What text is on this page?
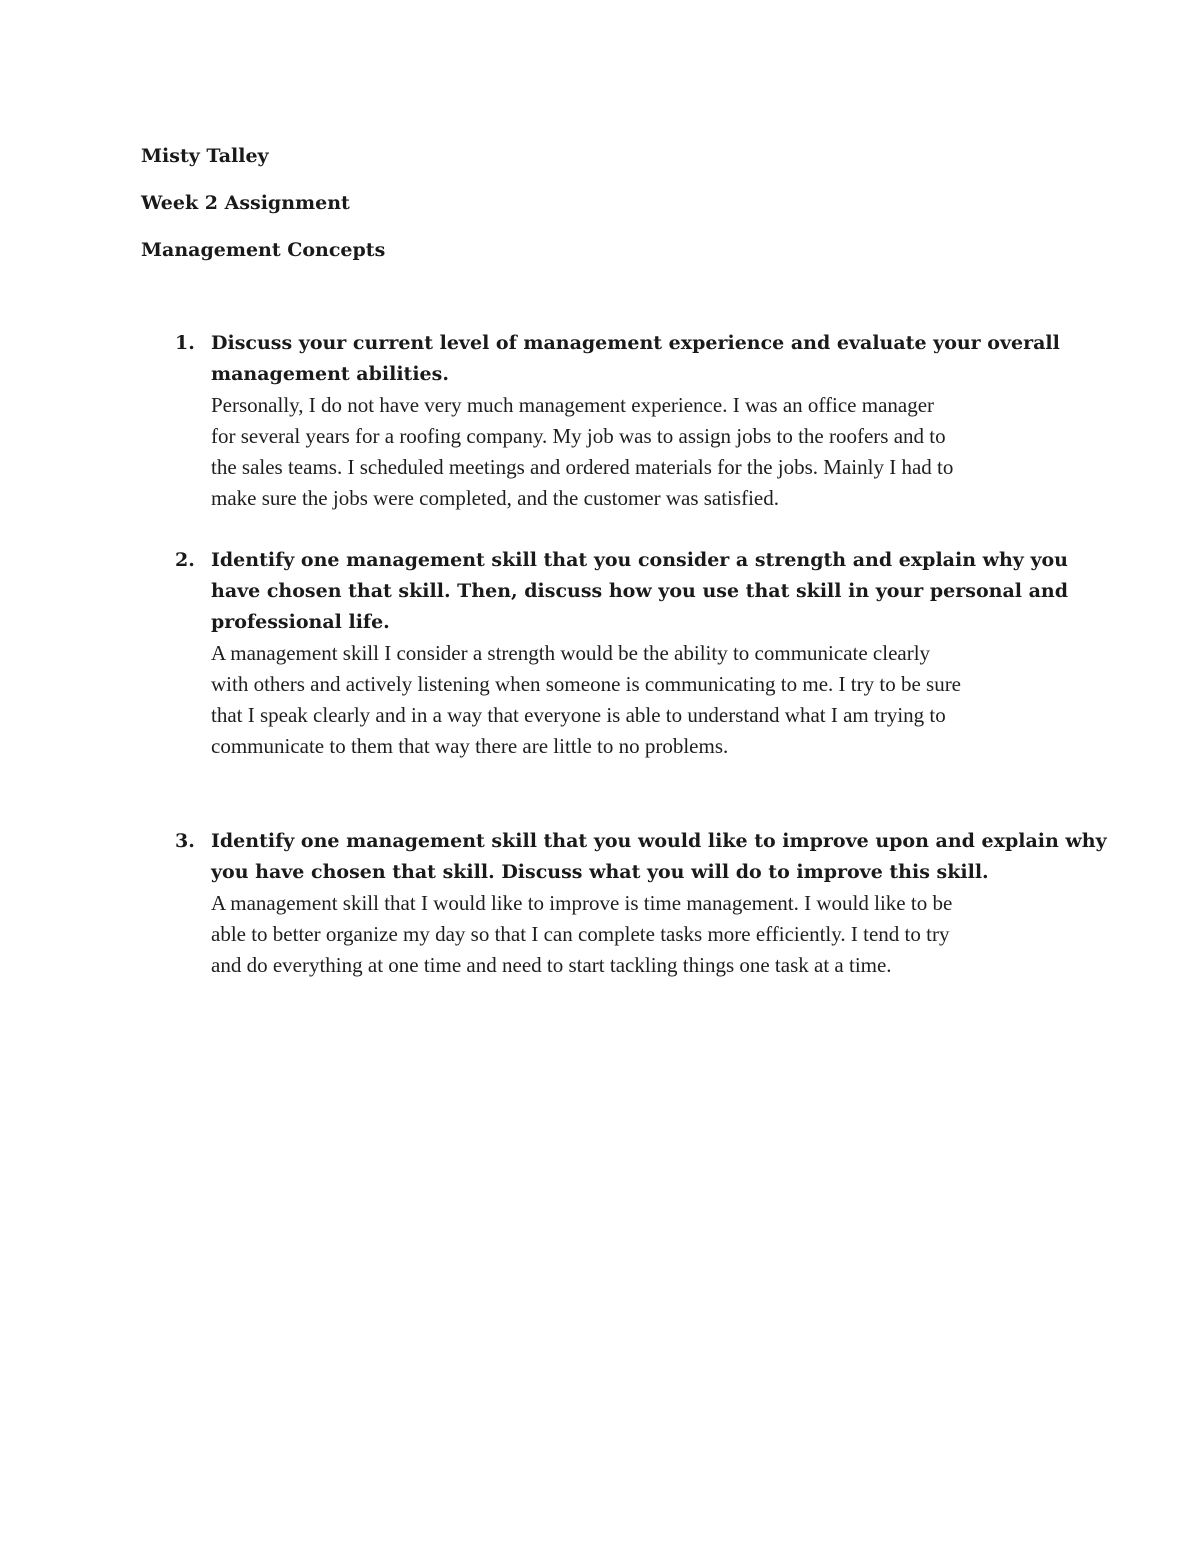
Misty Talley
Week 2 Assignment
Management Concepts
1. Discuss your current level of management experience and evaluate your overall
management abilities.
Personally, I do not have very much management experience. I was an office manager
for several years for a roofing company. My job was to assign jobs to the roofers and to
the sales teams. I scheduled meetings and ordered materials for the jobs. Mainly I had to
make sure the jobs were completed, and the customer was satisfied.
2. Identify one management skill that you consider a strength and explain why you
have chosen that skill. Then, discuss how you use that skill in your personal and
professional life.
A management skill I consider a strength would be the ability to communicate clearly
with others and actively listening when someone is communicating to me. I try to be sure
that I speak clearly and in a way that everyone is able to understand what I am trying to
communicate to them that way there are little to no problems.
3. Identify one management skill that you would like to improve upon and explain why
you have chosen that skill. Discuss what you will do to improve this skill.
A management skill that I would like to improve is time management. I would like to be
able to better organize my day so that I can complete tasks more efficiently. I tend to try
and do everything at one time and need to start tackling things one task at a time.
